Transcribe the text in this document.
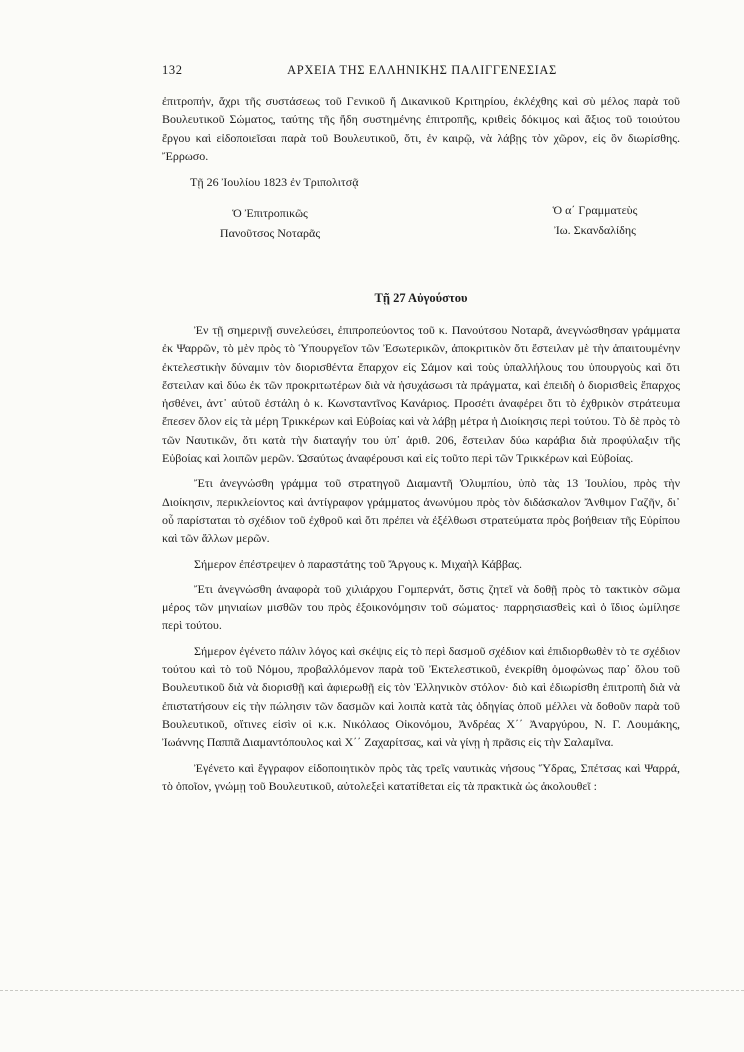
132	ΑΡΧΕΙΑ ΤΗΣ ΕΛΛΗΝΙΚΗΣ ΠΑΛΙΓΓΕΝΕΣΙΑΣ

ἐπιτροπήν, ἄχρι τῆς συστάσεως τοῦ Γενικοῦ ἤ Δικανικοῦ Κριτηρίου, ἐκλέχθης καὶ σὺ μέλος παρὰ τοῦ Βουλευτικοῦ Σώματος, ταύτης τῆς ἤδη συστημένης ἐπιτροπῆς, κριθεὶς δόκιμος καὶ ἄξιος τοῦ τοιούτου ἔργου καὶ εἰδοποιεῖσαι παρὰ τοῦ Βουλευτικοῦ, ὅτι, ἐν καιρῷ, νὰ λάβῃς τὸν χῶρον, εἰς ὃν διωρίσθης. Ἔρρωσο.

Τῇ 26 Ἰουλίου 1823 ἐν Τριπολιτσᾷ
Ὁ Ἐπιτροπικῶς
Πανοῦτσος Νοταρᾶς
Ὁ α΄ Γραμματεὺς
Ἰω. Σκανδαλίδης
Τῇ 27 Αὐγούστου

Ἐν τῇ σημερινῇ συνελεύσει, ἐπιπροπεύοντος τοῦ κ. Πανούτσου Νοταρᾶ, ἀνεγνώσθησαν γράμματα ἐκ Ψαρρῶν, τὸ μὲν πρὸς τὸ Ὑπουργεῖον τῶν Ἐσωτερικῶν, ἀποκριτικὸν ὅτι ἔστειλαν μὲ τὴν ἀπαιτουμένην ἐκτελεστικὴν δύναμιν τὸν διορισθέντα ἔπαρχον εἰς Σάμον καὶ τοὺς ὑπαλλήλους του ὑπουργοὺς καὶ ὅτι ἔστειλαν καὶ δύω ἐκ τῶν προκριτωτέρων διὰ νὰ ἡσυχάσωσι τὰ πράγματα, καὶ ἐπειδὴ ὁ διορισθεὶς ἔπαρχος ἠσθένει, ἀντ᾿ αὐτοῦ ἐστάλη ὁ κ. Κωνσταντῖνος Κανάριος. Προσέτι ἀναφέρει ὅτι τὸ ἐχθρικὸν στράτευμα ἔπεσεν ὅλον εἰς τὰ μέρη Τρικκέρων καὶ Εὐβοίας καὶ νὰ λάβῃ μέτρα ἡ Διοίκησις περὶ τούτου. Τὸ δὲ πρὸς τὸ τῶν Ναυτικῶν, ὅτι κατὰ τὴν διαταγήν του ὑπ᾿ ἀριθ. 206, ἔστειλαν δύω καράβια διὰ προφύλαξιν τῆς Εὐβοίας καὶ λοιπῶν μερῶν. Ὡσαύτως ἀναφέρουσι καὶ εἰς τοῦτο περὶ τῶν Τρικκέρων καὶ Εὐβοίας.

Ἔτι ἀνεγνώσθη γράμμα τοῦ στρατηγοῦ Διαμαντῆ Ὀλυμπίου, ὑπὸ τὰς 13 Ἰουλίου, πρὸς τὴν Διοίκησιν, περικλείοντος καὶ ἀντίγραφον γράμματος ἀνωνύμου πρὸς τὸν διδάσκαλον Ἄνθιμον Γαζῆν, δι᾿ οὗ παρίσταται τὸ σχέδιον τοῦ ἐχθροῦ καὶ ὅτι πρέπει νὰ ἐξέλθωσι στρατεύματα πρὸς βοήθειαν τῆς Εὐρίπου καὶ τῶν ἄλλων μερῶν.

Σήμερον ἐπέστρεψεν ὁ παραστάτης τοῦ Ἄργους κ. Μιχαὴλ Κάββας.

Ἔτι ἀνεγνώσθη ἀναφορὰ τοῦ χιλιάρχου Γομπερνάτ, ὅστις ζητεῖ νὰ δοθῇ πρὸς τὸ τακτικὸν σῶμα μέρος τῶν μηνιαίων μισθῶν του πρὸς ἐξοικονόμησιν τοῦ σώματος· παρρησιασθεὶς καὶ ὁ ἴδιος ὡμίλησε περὶ τούτου.

Σήμερον ἐγένετο πάλιν λόγος καὶ σκέψις εἰς τὸ περὶ δασμοῦ σχέδιον καὶ ἐπιδιορθωθὲν τὸ τε σχέδιον τούτου καὶ τὸ τοῦ Νόμου, προβαλλόμενον παρὰ τοῦ Ἐκτελεστικοῦ, ἐνεκρίθη ὁμοφώνως παρ᾿ ὅλου τοῦ Βουλευτικοῦ διὰ νὰ διορισθῇ καὶ ἀφιερωθῇ εἰς τὸν Ἑλληνικὸν στόλον· διὸ καὶ ἐδιωρίσθη ἐπιτροπὴ διὰ νὰ ἐπιστατήσουν εἰς τὴν πώλησιν τῶν δασμῶν καὶ λοιπὰ κατὰ τὰς ὁδηγίας ὁποῦ μέλλει νὰ δοθοῦν παρὰ τοῦ Βουλευτικοῦ, οἵτινες εἰσὶν οἱ κ.κ. Νικόλαος Οἰκονόμου, Ἀνδρέας Χ΄΄ Ἀναργύρου, Ν. Γ. Λουμάκης, Ἰωάννης Παππᾶ Διαμαντόπουλος καὶ Χ΄΄ Ζαχαρίτσας, καὶ νὰ γίνῃ ἡ πρᾶσις εἰς τὴν Σαλαμῖνα.

Ἐγένετο καὶ ἔγγραφον εἰδοποιητικὸν πρὸς τὰς τρεῖς ναυτικὰς νήσους Ὕδρας, Σπέτσας καὶ Ψαρρά, τὸ ὁποῖον, γνώμῃ τοῦ Βουλευτικοῦ, αὐτολεξεὶ κατατίθεται εἰς τὰ πρακτικὰ ὡς ἀκολουθεῖ :
